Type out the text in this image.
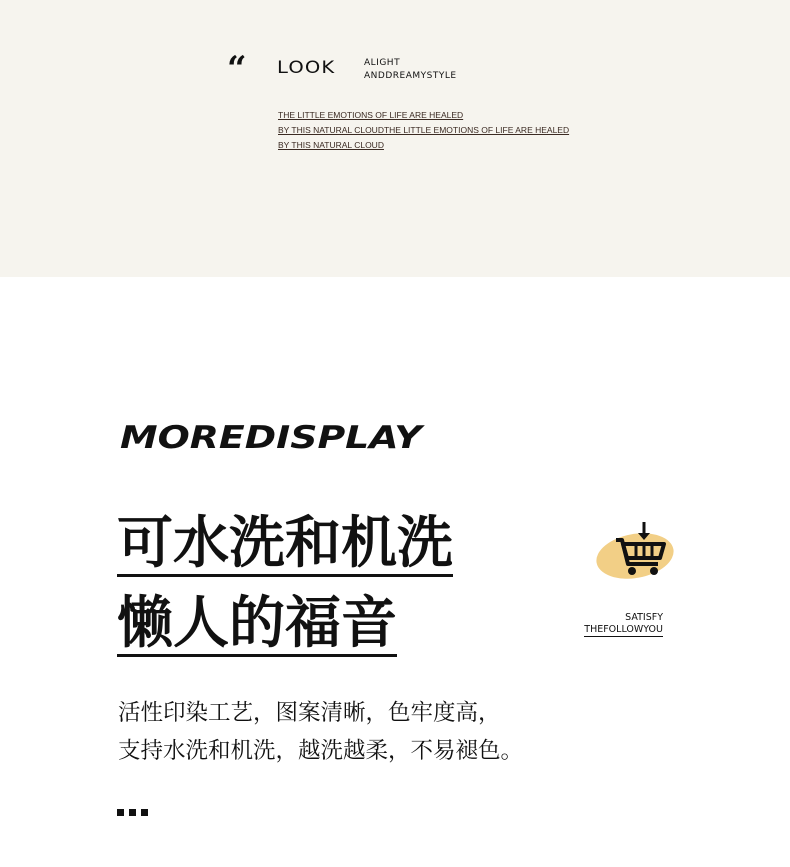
“ LOOK	ALIGHT
ANDDREAMYSTYLE
THE LITTLE EMOTIONS OF LIFE ARE HEALED
BY THIS NATURAL CLOUDTHE LITTLE EMOTIONS OF LIFE ARE HEALED
BY THIS NATURAL CLOUD
MOREDISPLAY
可水洗和机洗
懒人的福音	SATISFY
THEFOLLOWYOU
活性印染工艺，图案清晰，色牢度高，
支持水洗和机洗，越洗越柔，不易褪色。
